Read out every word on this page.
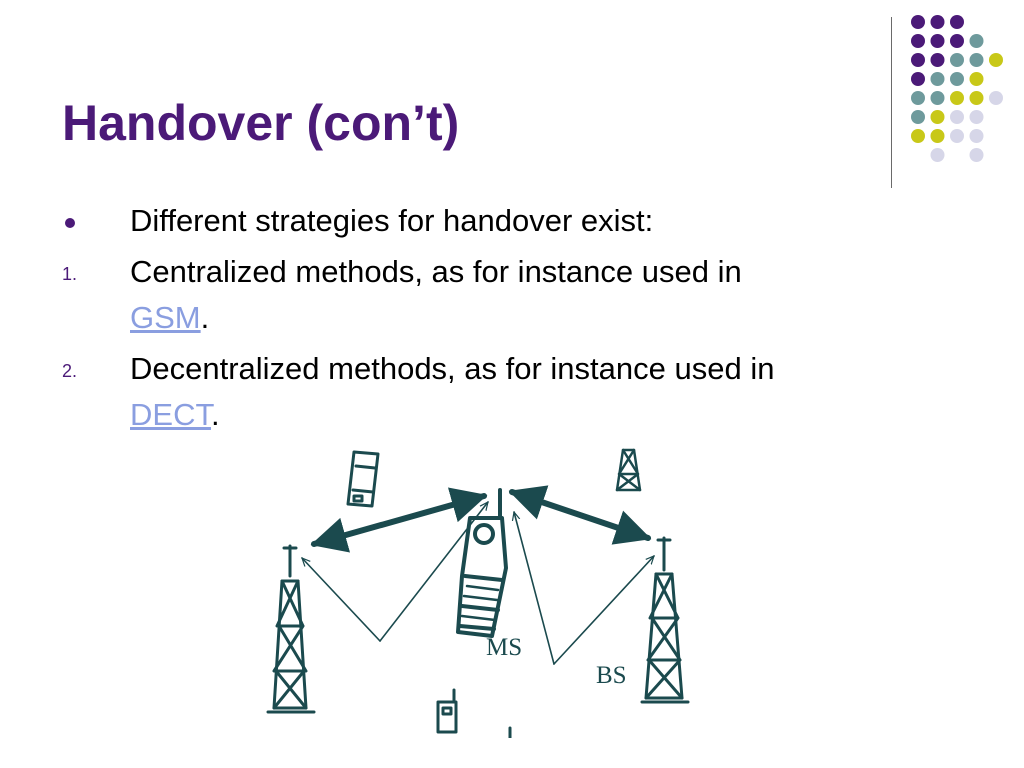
Handover (con’t)
Different strategies for handover exist:
1. Centralized methods, as for instance used in
GSM.
2. Decentralized methods, as for instance used in
DECT.
MS
BS
